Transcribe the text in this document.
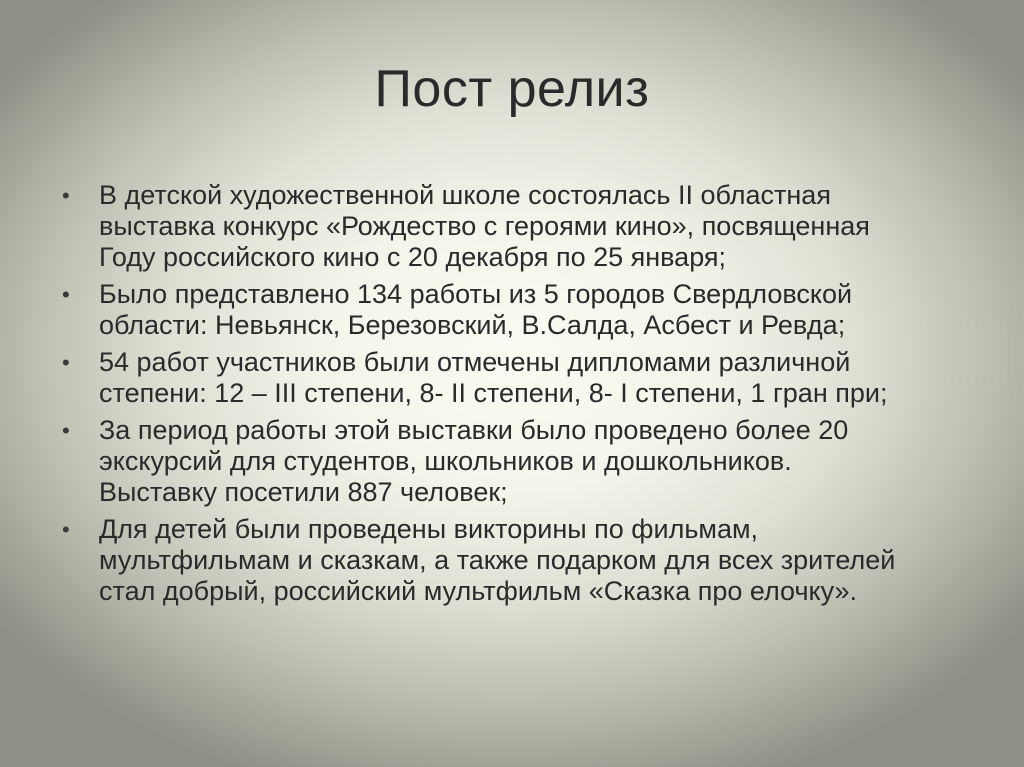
Пост релиз
•	В детской художественной школе состоялась II областная
выставка конкурс «Рождество с героями кино», посвященная
Году российского кино с 20 декабря по 25 января;
•	Было представлено 134 работы из 5 городов Свердловской
области: Невьянск, Березовский, В.Салда, Асбест и Ревда;
•	54 работ участников были отмечены дипломами различной
степени: 12 – III степени, 8- II степени, 8- I степени, 1 гран при;
•	За период работы этой выставки было проведено более 20
экскурсий для студентов, школьников и дошкольников.
Выставку посетили 887 человек;
•	Для детей были проведены викторины по фильмам,
мультфильмам и сказкам, а также подарком для всех зрителей
стал добрый, российский мультфильм «Сказка про елочку».
